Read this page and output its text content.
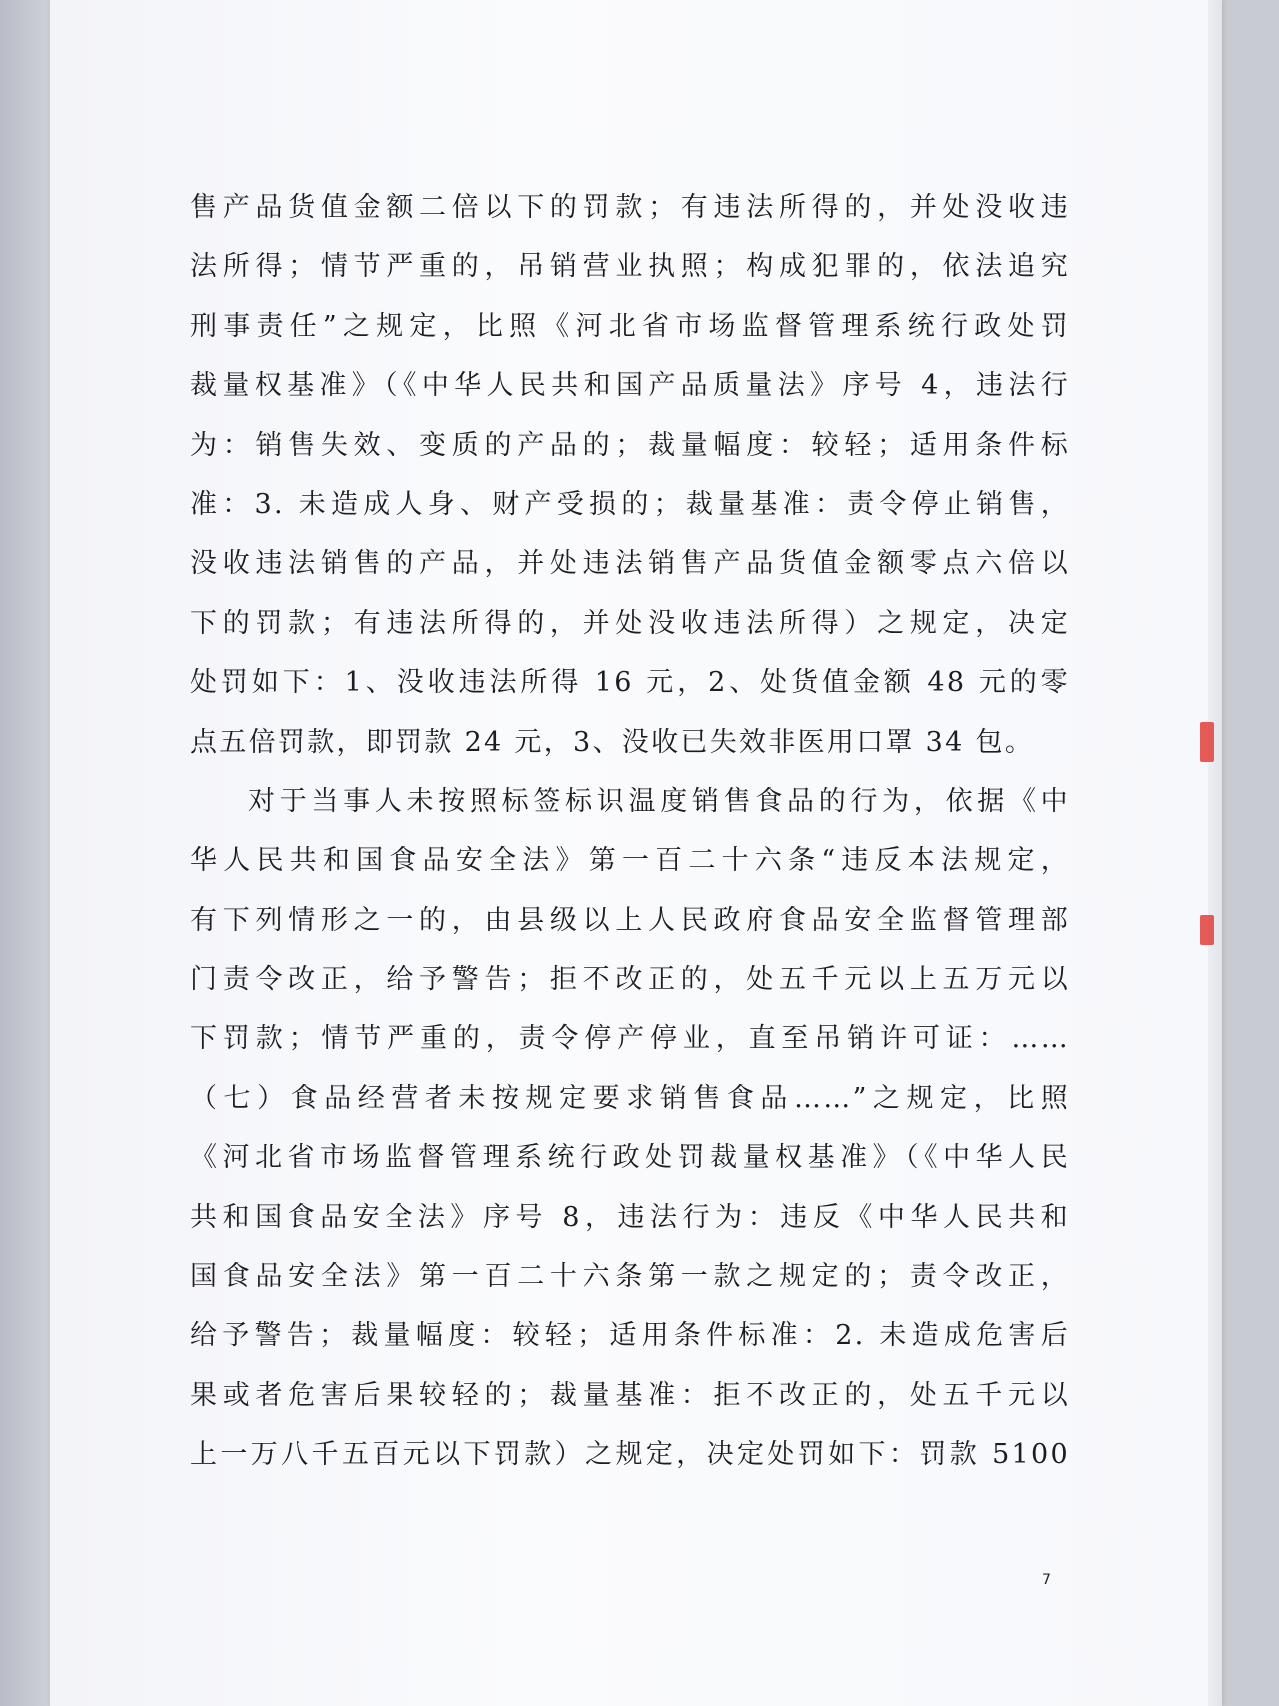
售产品货值金额二倍以下的罚款；有违法所得的，并处没收违
法所得；情节严重的，吊销营业执照；构成犯罪的，依法追究
刑事责任”之规定，比照《河北省市场监督管理系统行政处罚
裁量权基准》（《中华人民共和国产品质量法》序号 4，违法行
为：销售失效、变质的产品的；裁量幅度：较轻；适用条件标
准：3. 未造成人身、财产受损的；裁量基准：责令停止销售，
没收违法销售的产品，并处违法销售产品货值金额零点六倍以
下的罚款；有违法所得的，并处没收违法所得）之规定，决定
处罚如下：1、没收违法所得 16 元，2、处货值金额 48 元的零
点五倍罚款，即罚款 24 元，3、没收已失效非医用口罩 34 包。
对于当事人未按照标签标识温度销售食品的行为，依据《中
华人民共和国食品安全法》第一百二十六条“违反本法规定，
有下列情形之一的，由县级以上人民政府食品安全监督管理部
门责令改正，给予警告；拒不改正的，处五千元以上五万元以
下罚款；情节严重的，责令停产停业，直至吊销许可证：……
（七）食品经营者未按规定要求销售食品……”之规定，比照
《河北省市场监督管理系统行政处罚裁量权基准》（《中华人民
共和国食品安全法》序号 8，违法行为：违反《中华人民共和
国食品安全法》第一百二十六条第一款之规定的；责令改正，
给予警告；裁量幅度：较轻；适用条件标准：2. 未造成危害后
果或者危害后果较轻的；裁量基准：拒不改正的，处五千元以
上一万八千五百元以下罚款）之规定，决定处罚如下：罚款 5100
7
